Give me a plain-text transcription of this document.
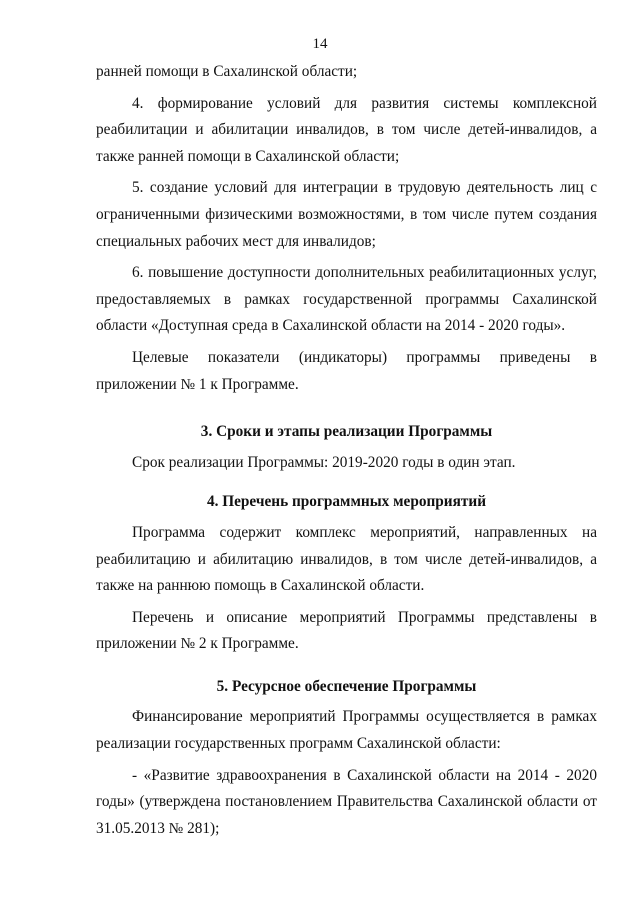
14

ранней помощи в Сахалинской области;

4. формирование условий для развития системы комплексной реабилитации и абилитации инвалидов, в том числе детей-инвалидов, а также ранней помощи в Сахалинской области;

5. создание условий для интеграции в трудовую деятельность лиц с ограниченными физическими возможностями, в том числе путем создания специальных рабочих мест для инвалидов;

6. повышение доступности дополнительных реабилитационных услуг, предоставляемых в рамках государственной программы Сахалинской области «Доступная среда в Сахалинской области на 2014 - 2020 годы».

Целевые показатели (индикаторы) программы приведены в приложении № 1 к Программе.

3. Сроки и этапы реализации Программы

Срок реализации Программы: 2019-2020 годы в один этап.

4. Перечень программных мероприятий

Программа содержит комплекс мероприятий, направленных на реабилитацию и абилитацию инвалидов, в том числе детей-инвалидов, а также на раннюю помощь в Сахалинской области.

Перечень и описание мероприятий Программы представлены в приложении № 2 к Программе.

5. Ресурсное обеспечение Программы

Финансирование мероприятий Программы осуществляется в рамках реализации государственных программ Сахалинской области:

- «Развитие здравоохранения в Сахалинской области на 2014 - 2020 годы» (утверждена постановлением Правительства Сахалинской области от 31.05.2013 № 281);
